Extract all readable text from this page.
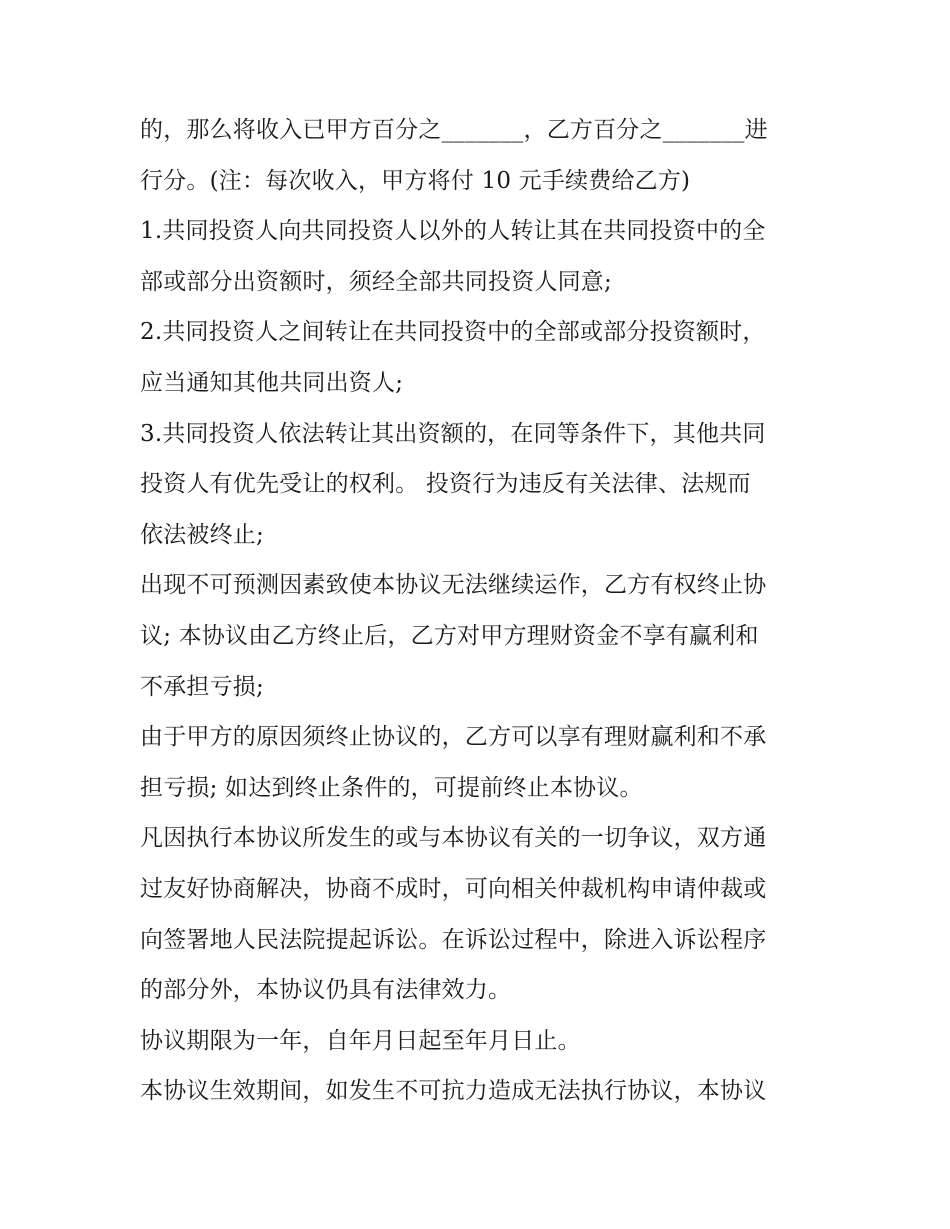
的，那么将收入已甲方百分之_______，乙方百分之_______进
行分。(注：每次收入，甲方将付 10 元手续费给乙方)
1.共同投资人向共同投资人以外的人转让其在共同投资中的全
部或部分出资额时，须经全部共同投资人同意;
2.共同投资人之间转让在共同投资中的全部或部分投资额时，
应当通知其他共同出资人;
3.共同投资人依法转让其出资额的，在同等条件下，其他共同
投资人有优先受让的权利。 投资行为违反有关法律、法规而
依法被终止;
出现不可预测因素致使本协议无法继续运作，乙方有权终止协
议; 本协议由乙方终止后，乙方对甲方理财资金不享有赢利和
不承担亏损;
由于甲方的原因须终止协议的，乙方可以享有理财赢利和不承
担亏损; 如达到终止条件的，可提前终止本协议。
凡因执行本协议所发生的或与本协议有关的一切争议，双方通
过友好协商解决，协商不成时，可向相关仲裁机构申请仲裁或
向签署地人民法院提起诉讼。在诉讼过程中，除进入诉讼程序
的部分外，本协议仍具有法律效力。
协议期限为一年，自年月日起至年月日止。
本协议生效期间，如发生不可抗力造成无法执行协议，本协议
